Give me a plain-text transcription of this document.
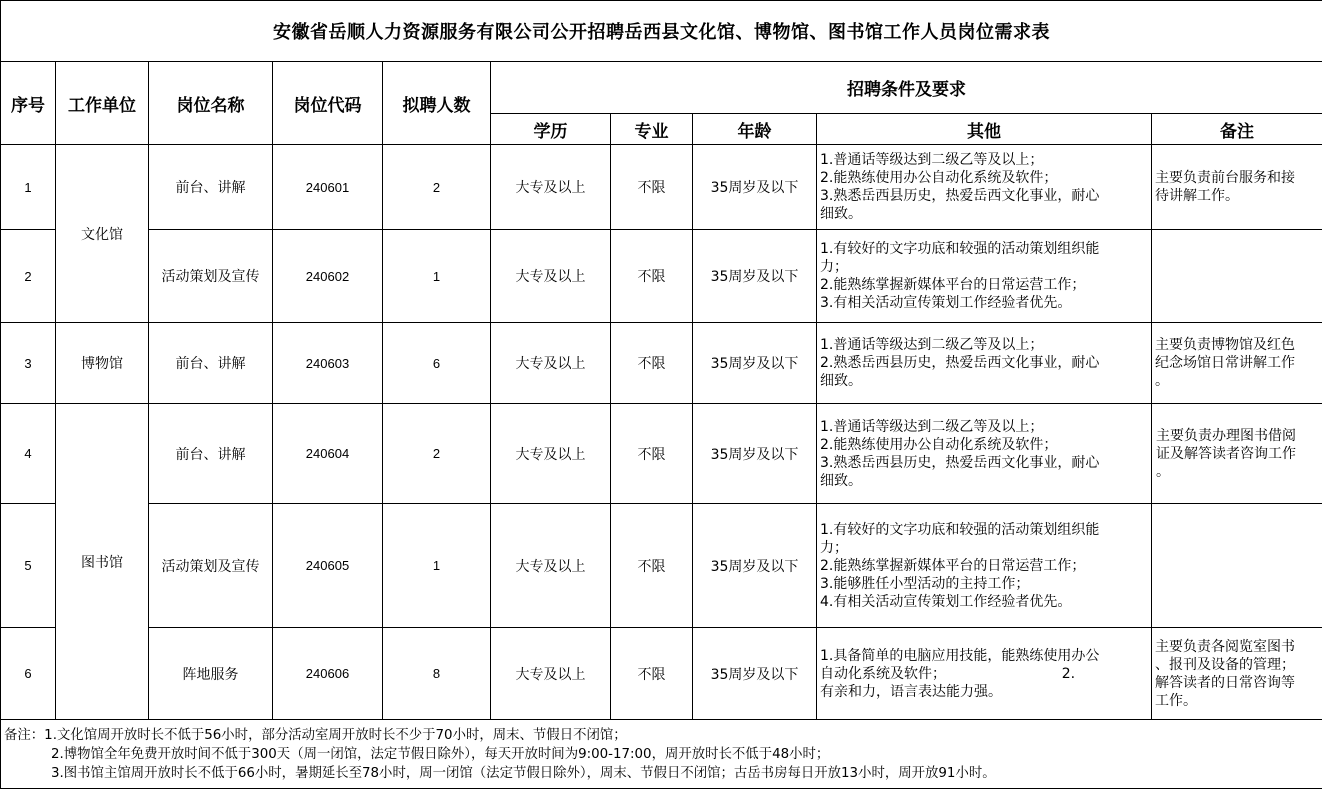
安徽省岳顺人力资源服务有限公司公开招聘岳西县文化馆、博物馆、图书馆工作人员岗位需求表									
序号	工作单位	岗位名称	岗位代码	拟聘人数	招聘条件及要求				
					学历	专业	年龄	其他	备注
1	文化馆	前台、讲解	240601	2	大专及以上	不限	35周岁及以下	1.普通话等级达到二级乙等及以上；
2.能熟练使用办公自动化系统及软件；
3.熟悉岳西县历史，热爱岳西文化事业，耐心
细致。	主要负责前台服务和接
待讲解工作。

2		活动策划及宣传	240602	1	大专及以上	不限	35周岁及以下	1.有较好的文字功底和较强的活动策划组织能
力；
2.能熟练掌握新媒体平台的日常运营工作；
3.有相关活动宣传策划工作经验者优先。	

3	博物馆	前台、讲解	240603	6	大专及以上	不限	35周岁及以下	1.普通话等级达到二级乙等及以上；
2.熟悉岳西县历史，热爱岳西文化事业，耐心
细致。	主要负责博物馆及红色
纪念场馆日常讲解工作
。

4	图书馆	前台、讲解	240604	2	大专及以上	不限	35周岁及以下	1.普通话等级达到二级乙等及以上；
2.能熟练使用办公自动化系统及软件；
3.熟悉岳西县历史，热爱岳西文化事业，耐心
细致。	主要负责办理图书借阅
证及解答读者咨询工作
。

5		活动策划及宣传	240605	1	大专及以上	不限	35周岁及以下	1.有较好的文字功底和较强的活动策划组织能
力；
2.能熟练掌握新媒体平台的日常运营工作；
3.能够胜任小型活动的主持工作；
4.有相关活动宣传策划工作经验者优先。	

6		阵地服务	240606	8	大专及以上	不限	35周岁及以下	1.具备简单的电脑应用技能，能熟练使用办公
自动化系统及软件；                          2.
有亲和力，语言表达能力强。	主要负责各阅览室图书
、报刊及设备的管理；
解答读者的日常咨询等
工作。

备注：1.文化馆周开放时长不低于56小时，部分活动室周开放时长不少于70小时，周末、节假日不闭馆；
2.博物馆全年免费开放时间不低于300天（周一闭馆，法定节假日除外），每天开放时间为9:00-17:00，周开放时长不低于48小时；
3.图书馆主馆周开放时长不低于66小时，暑期延长至78小时，周一闭馆（法定节假日除外），周末、节假日不闭馆；古岳书房每日开放13小时，周开放91小时。									
